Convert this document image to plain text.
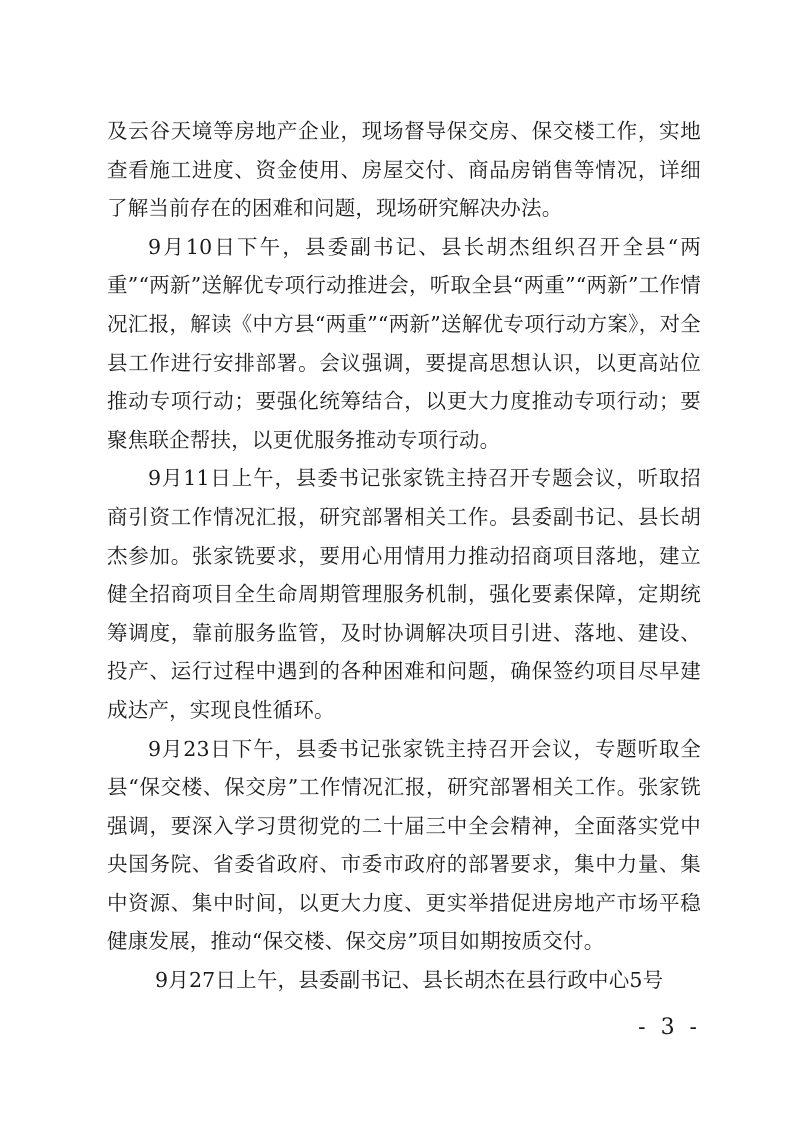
及云谷天境等房地产企业，现场督导保交房、保交楼工作，实地查看施工进度、资金使用、房屋交付、商品房销售等情况，详细了解当前存在的困难和问题，现场研究解决办法。

9月10日下午，县委副书记、县长胡杰组织召开全县“两重”“两新”送解优专项行动推进会，听取全县“两重”“两新”工作情况汇报，解读《中方县“两重”“两新”送解优专项行动方案》，对全县工作进行安排部署。会议强调，要提高思想认识，以更高站位推动专项行动；要强化统筹结合，以更大力度推动专项行动；要聚焦联企帮扶，以更优服务推动专项行动。

9月11日上午，县委书记张家铣主持召开专题会议，听取招商引资工作情况汇报，研究部署相关工作。县委副书记、县长胡杰参加。张家铣要求，要用心用情用力推动招商项目落地，建立健全招商项目全生命周期管理服务机制，强化要素保障，定期统筹调度，靠前服务监管，及时协调解决项目引进、落地、建设、投产、运行过程中遇到的各种困难和问题，确保签约项目尽早建成达产，实现良性循环。

9月23日下午，县委书记张家铣主持召开会议，专题听取全县“保交楼、保交房”工作情况汇报，研究部署相关工作。张家铣强调，要深入学习贯彻党的二十届三中全会精神，全面落实党中央国务院、省委省政府、市委市政府的部署要求，集中力量、集中资源、集中时间，以更大力度、更实举措促进房地产市场平稳健康发展，推动“保交楼、保交房”项目如期按质交付。

9月27日上午，县委副书记、县长胡杰在县行政中心5号

- 3 -
